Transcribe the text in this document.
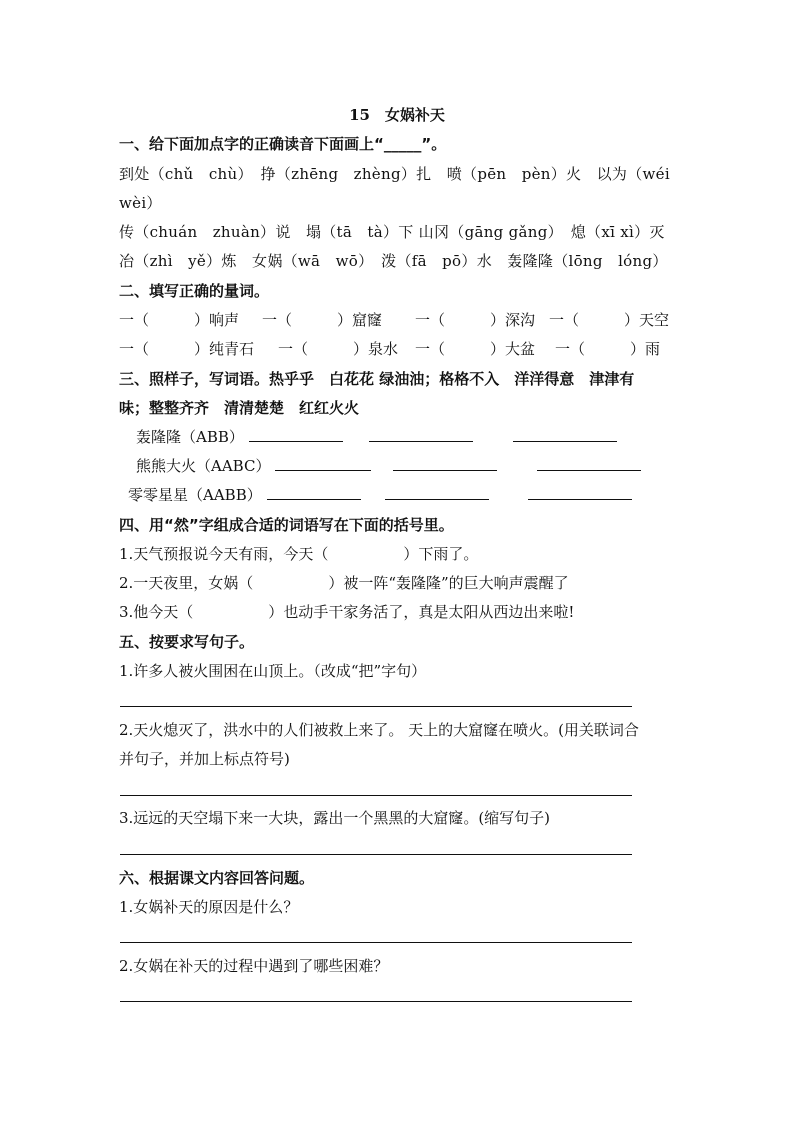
15　女娲补天
一、给下面加点字的正确读音下面画上“_____”。
到处（chǔ　chù）　挣（zhēng　zhèng）扎　喷（pēn　pèn）火　以为（wéi
wèi）
传（chuán　zhuàn）说　塌（tā　tà）下 山冈（gāng gǎng）　熄（xī xì）灭
冶（zhì　yě）炼　女娲（wā　wō）　泼（fā　pō）水　轰隆隆（lōng　lóng）
二、填写正确的量词。
一（　　　）响声 一（　　　）窟窿 一（　　　）深沟 一（　　　）天空
一（　　　）纯青石 一（　　　）泉水 一（　　　）大盆 一（　　　）雨
三、照样子，写词语。热乎乎　白花花 绿油油；格格不入　洋洋得意　津津有
味；整整齐齐　清清楚楚　红红火火
轰隆隆（ABB）
熊熊大火（AABC）
零零星星（AABB）
四、用“然”字组成合适的词语写在下面的括号里。
1.天气预报说今天有雨，今天（　　　　　）下雨了。
2.一天夜里，女娲（　　　　　）被一阵“轰隆隆”的巨大响声震醒了
3.他今天（　　　　　）也动手干家务活了，真是太阳从西边出来啦!
五、按要求写句子。
1.许多人被火围困在山顶上。（改成“把”字句）
2.天火熄灭了，洪水中的人们被救上来了。 天上的大窟窿在喷火。(用关联词合
并句子，并加上标点符号)
3.远远的天空塌下来一大块，露出一个黑黑的大窟窿。(缩写句子)
六、根据课文内容回答问题。
1.女娲补天的原因是什么？
2.女娲在补天的过程中遇到了哪些困难？
